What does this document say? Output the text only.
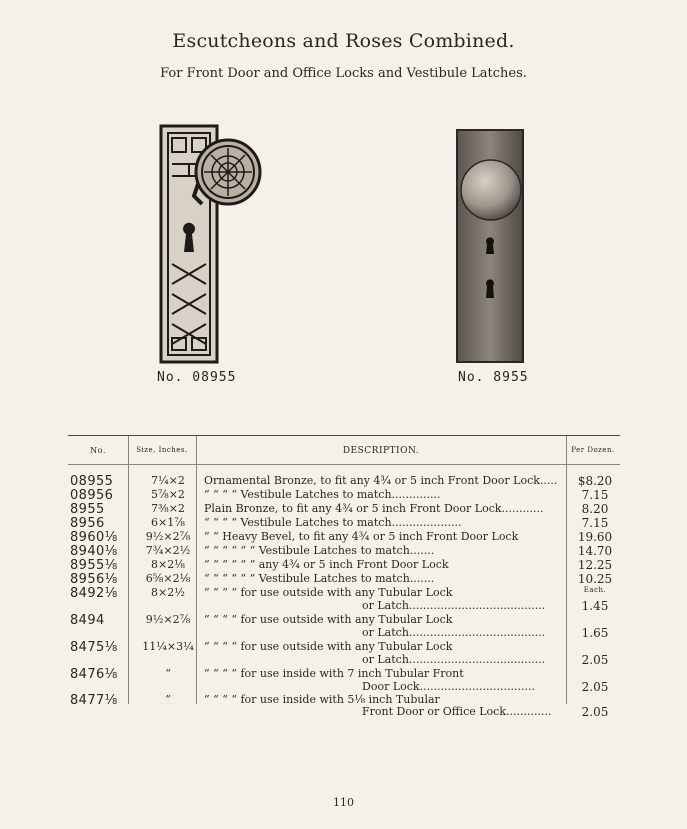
Escutcheons and Roses Combined.
For Front Door and Office Locks and Vestibule Latches.
No. 08955	No. 8955
No.	Size, Inches.	DESCRIPTION.	Per Dozen.
08955	7¼×2	Ornamental Bronze, to fit any 4¾ or 5 inch Front Door Lock.....	$8.20
08956	5⅞×2	“ “ “ “ Vestibule Latches to match..............	7.15
8955	7⅜×2	Plain Bronze, to fit any 4¾ or 5 inch Front Door Lock............	8.20
8956	6×1⅞	“ “ “ “ Vestibule Latches to match....................	7.15
8960⅛	9½×2⅞	“ “ Heavy Bevel, to fit any 4¾ or 5 inch Front Door Lock	19.60
8940⅛	7¾×2½	“ “ “ “ “ “ Vestibule Latches to match.......	14.70
8955⅛	8×2⅛	“ “ “ “ “ “ any 4¾ or 5 inch Front Door Lock	12.25
8956⅛	6⅝×2⅛	“ “ “ “ “ “ Vestibule Latches to match.......	10.25
8492⅛	8×2½	“ “ “ “ for use outside with any Tubular Lock	Each.
or Latch.......................................	1.45
8494	9½×2⅞	“ “ “ “ for use outside with any Tubular Lock
or Latch.......................................	1.65
8475⅛	11¼×3¼ “ “ “ “ for use outside with any Tubular Lock
or Latch.......................................	2.05
8476⅛	“	“ “ “ “ for use inside with 7 inch Tubular Front
Door Lock.................................	2.05
8477⅛	“	“ “ “ “ for use inside with 5⅛ inch Tubular
Front Door or Office Lock.............	2.05
110
